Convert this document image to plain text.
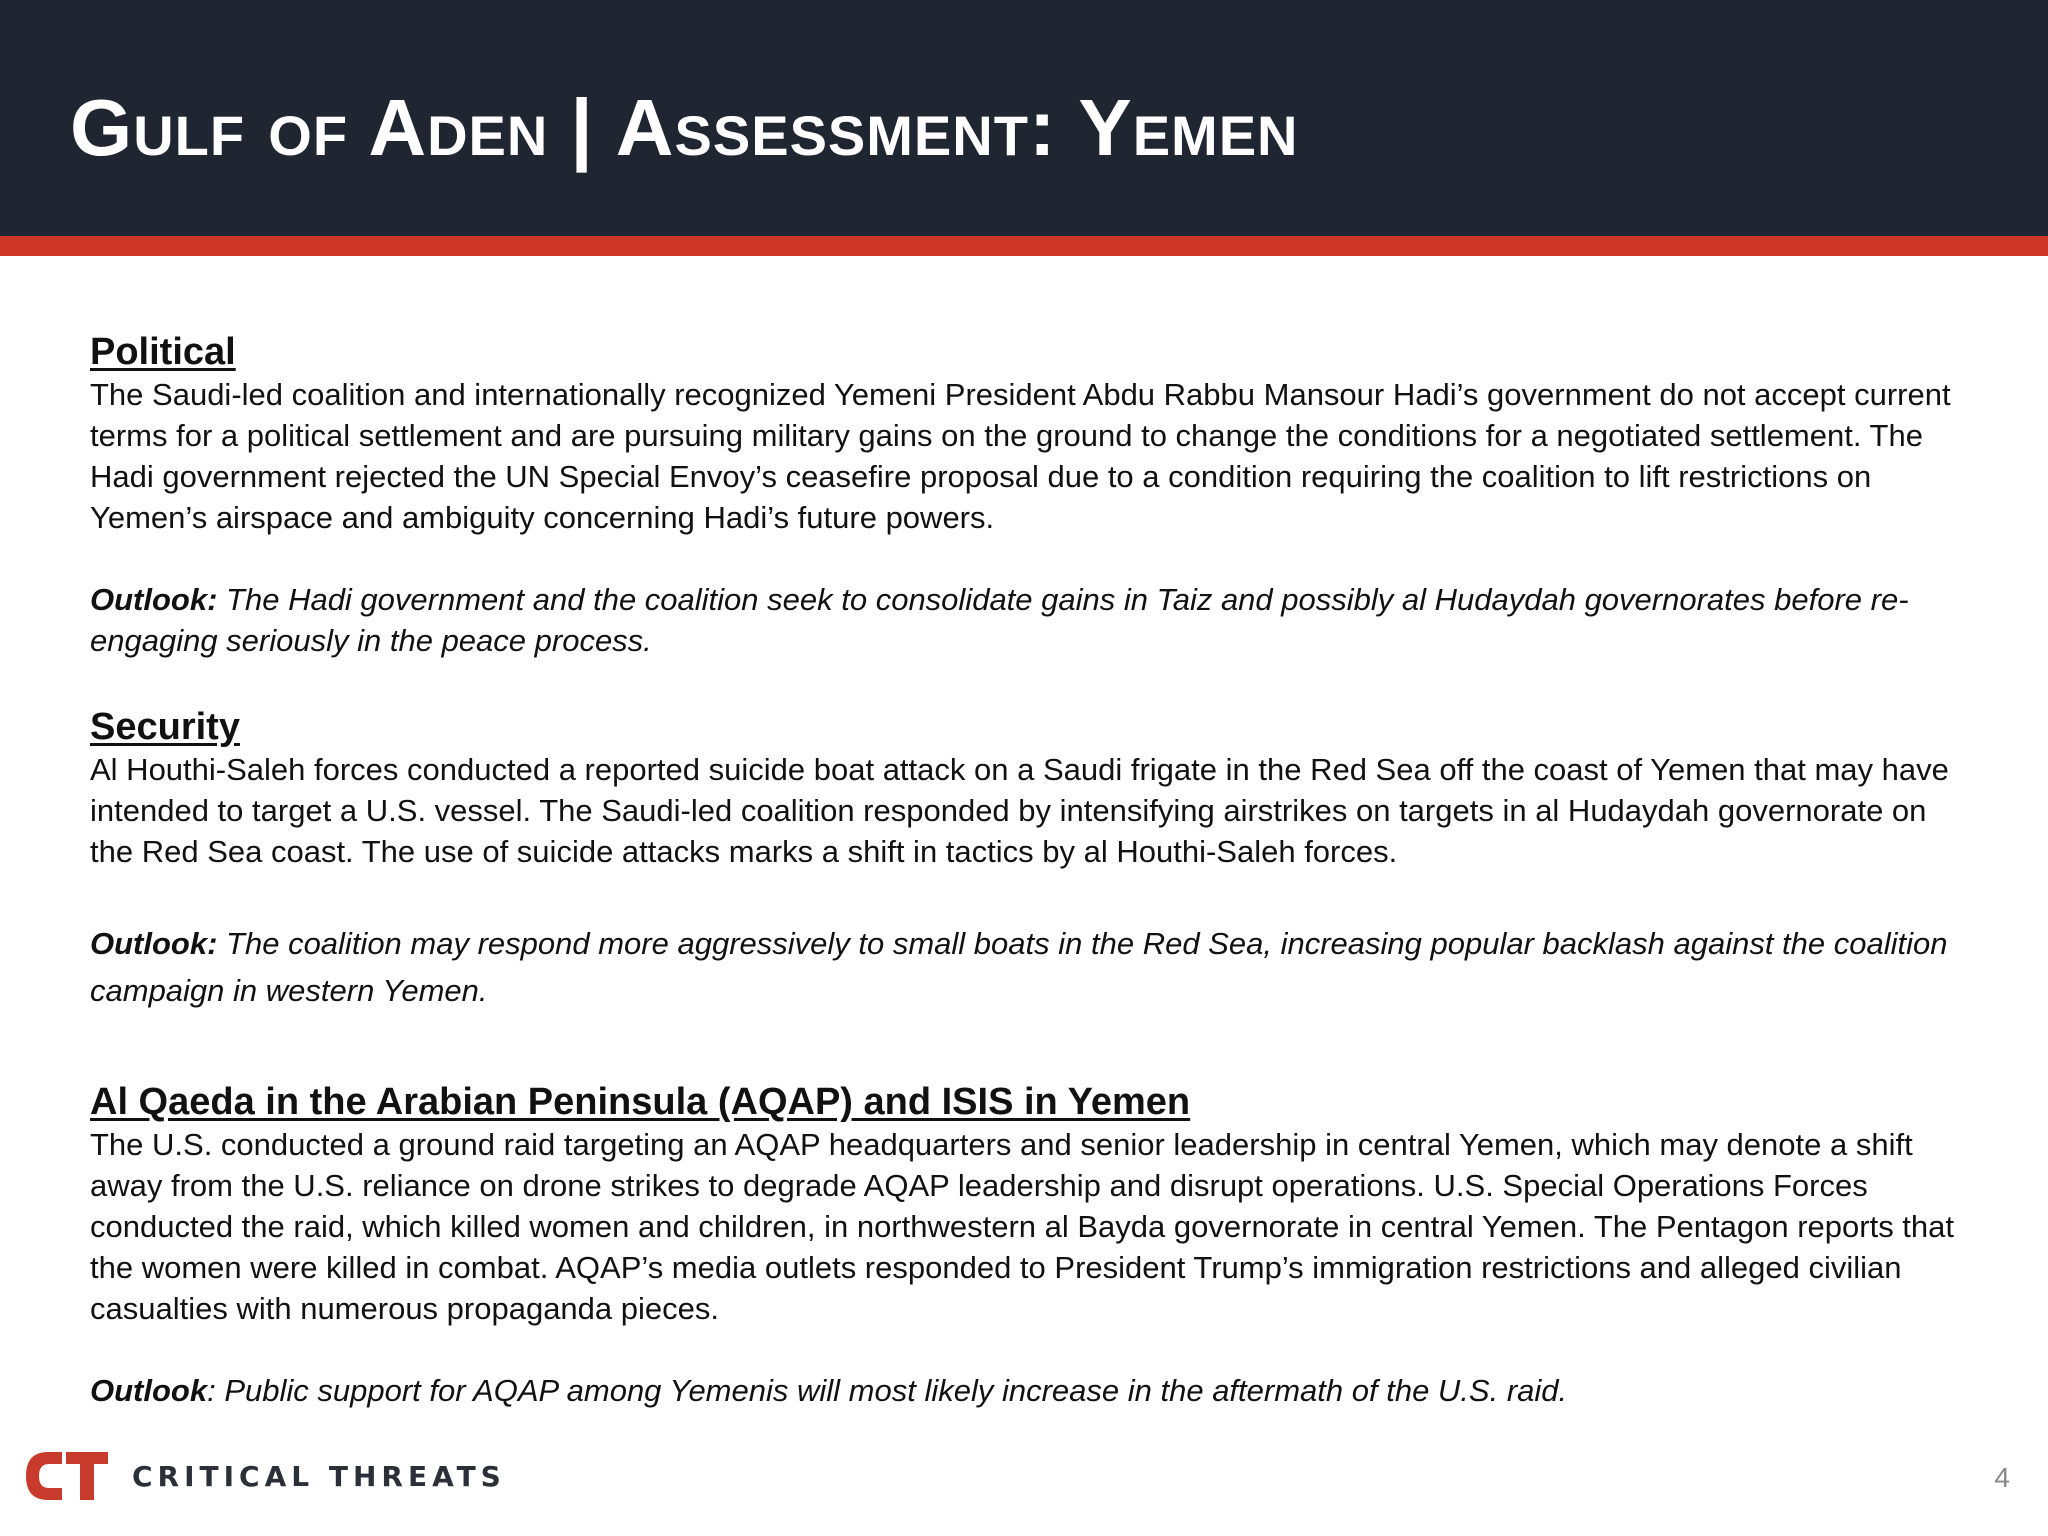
Gulf of Aden | Assessment: Yemen
Political

The Saudi-led coalition and internationally recognized Yemeni President Abdu Rabbu Mansour Hadi’s government do not accept current terms for a political settlement and are pursuing military gains on the ground to change the conditions for a negotiated settlement. The Hadi government rejected the UN Special Envoy’s ceasefire proposal due to a condition requiring the coalition to lift restrictions on Yemen’s airspace and ambiguity concerning Hadi’s future powers.

Outlook: The Hadi government and the coalition seek to consolidate gains in Taiz and possibly al Hudaydah governorates before re-engaging seriously in the peace process.

Security

Al Houthi-Saleh forces conducted a reported suicide boat attack on a Saudi frigate in the Red Sea off the coast of Yemen that may have intended to target a U.S. vessel. The Saudi-led coalition responded by intensifying airstrikes on targets in al Hudaydah governorate on the Red Sea coast. The use of suicide attacks marks a shift in tactics by al Houthi-Saleh forces.

Outlook: The coalition may respond more aggressively to small boats in the Red Sea, increasing popular backlash against the coalition campaign in western Yemen.

Al Qaeda in the Arabian Peninsula (AQAP) and ISIS in Yemen

The U.S. conducted a ground raid targeting an AQAP headquarters and senior leadership in central Yemen, which may denote a shift away from the U.S. reliance on drone strikes to degrade AQAP leadership and disrupt operations. U.S. Special Operations Forces conducted the raid, which killed women and children, in northwestern al Bayda governorate in central Yemen. The Pentagon reports that the women were killed in combat. AQAP’s media outlets responded to President Trump’s immigration restrictions and alleged civilian casualties with numerous propaganda pieces.

Outlook: Public support for AQAP among Yemenis will most likely increase in the aftermath of the U.S. raid.

CRITICAL THREATS	4
